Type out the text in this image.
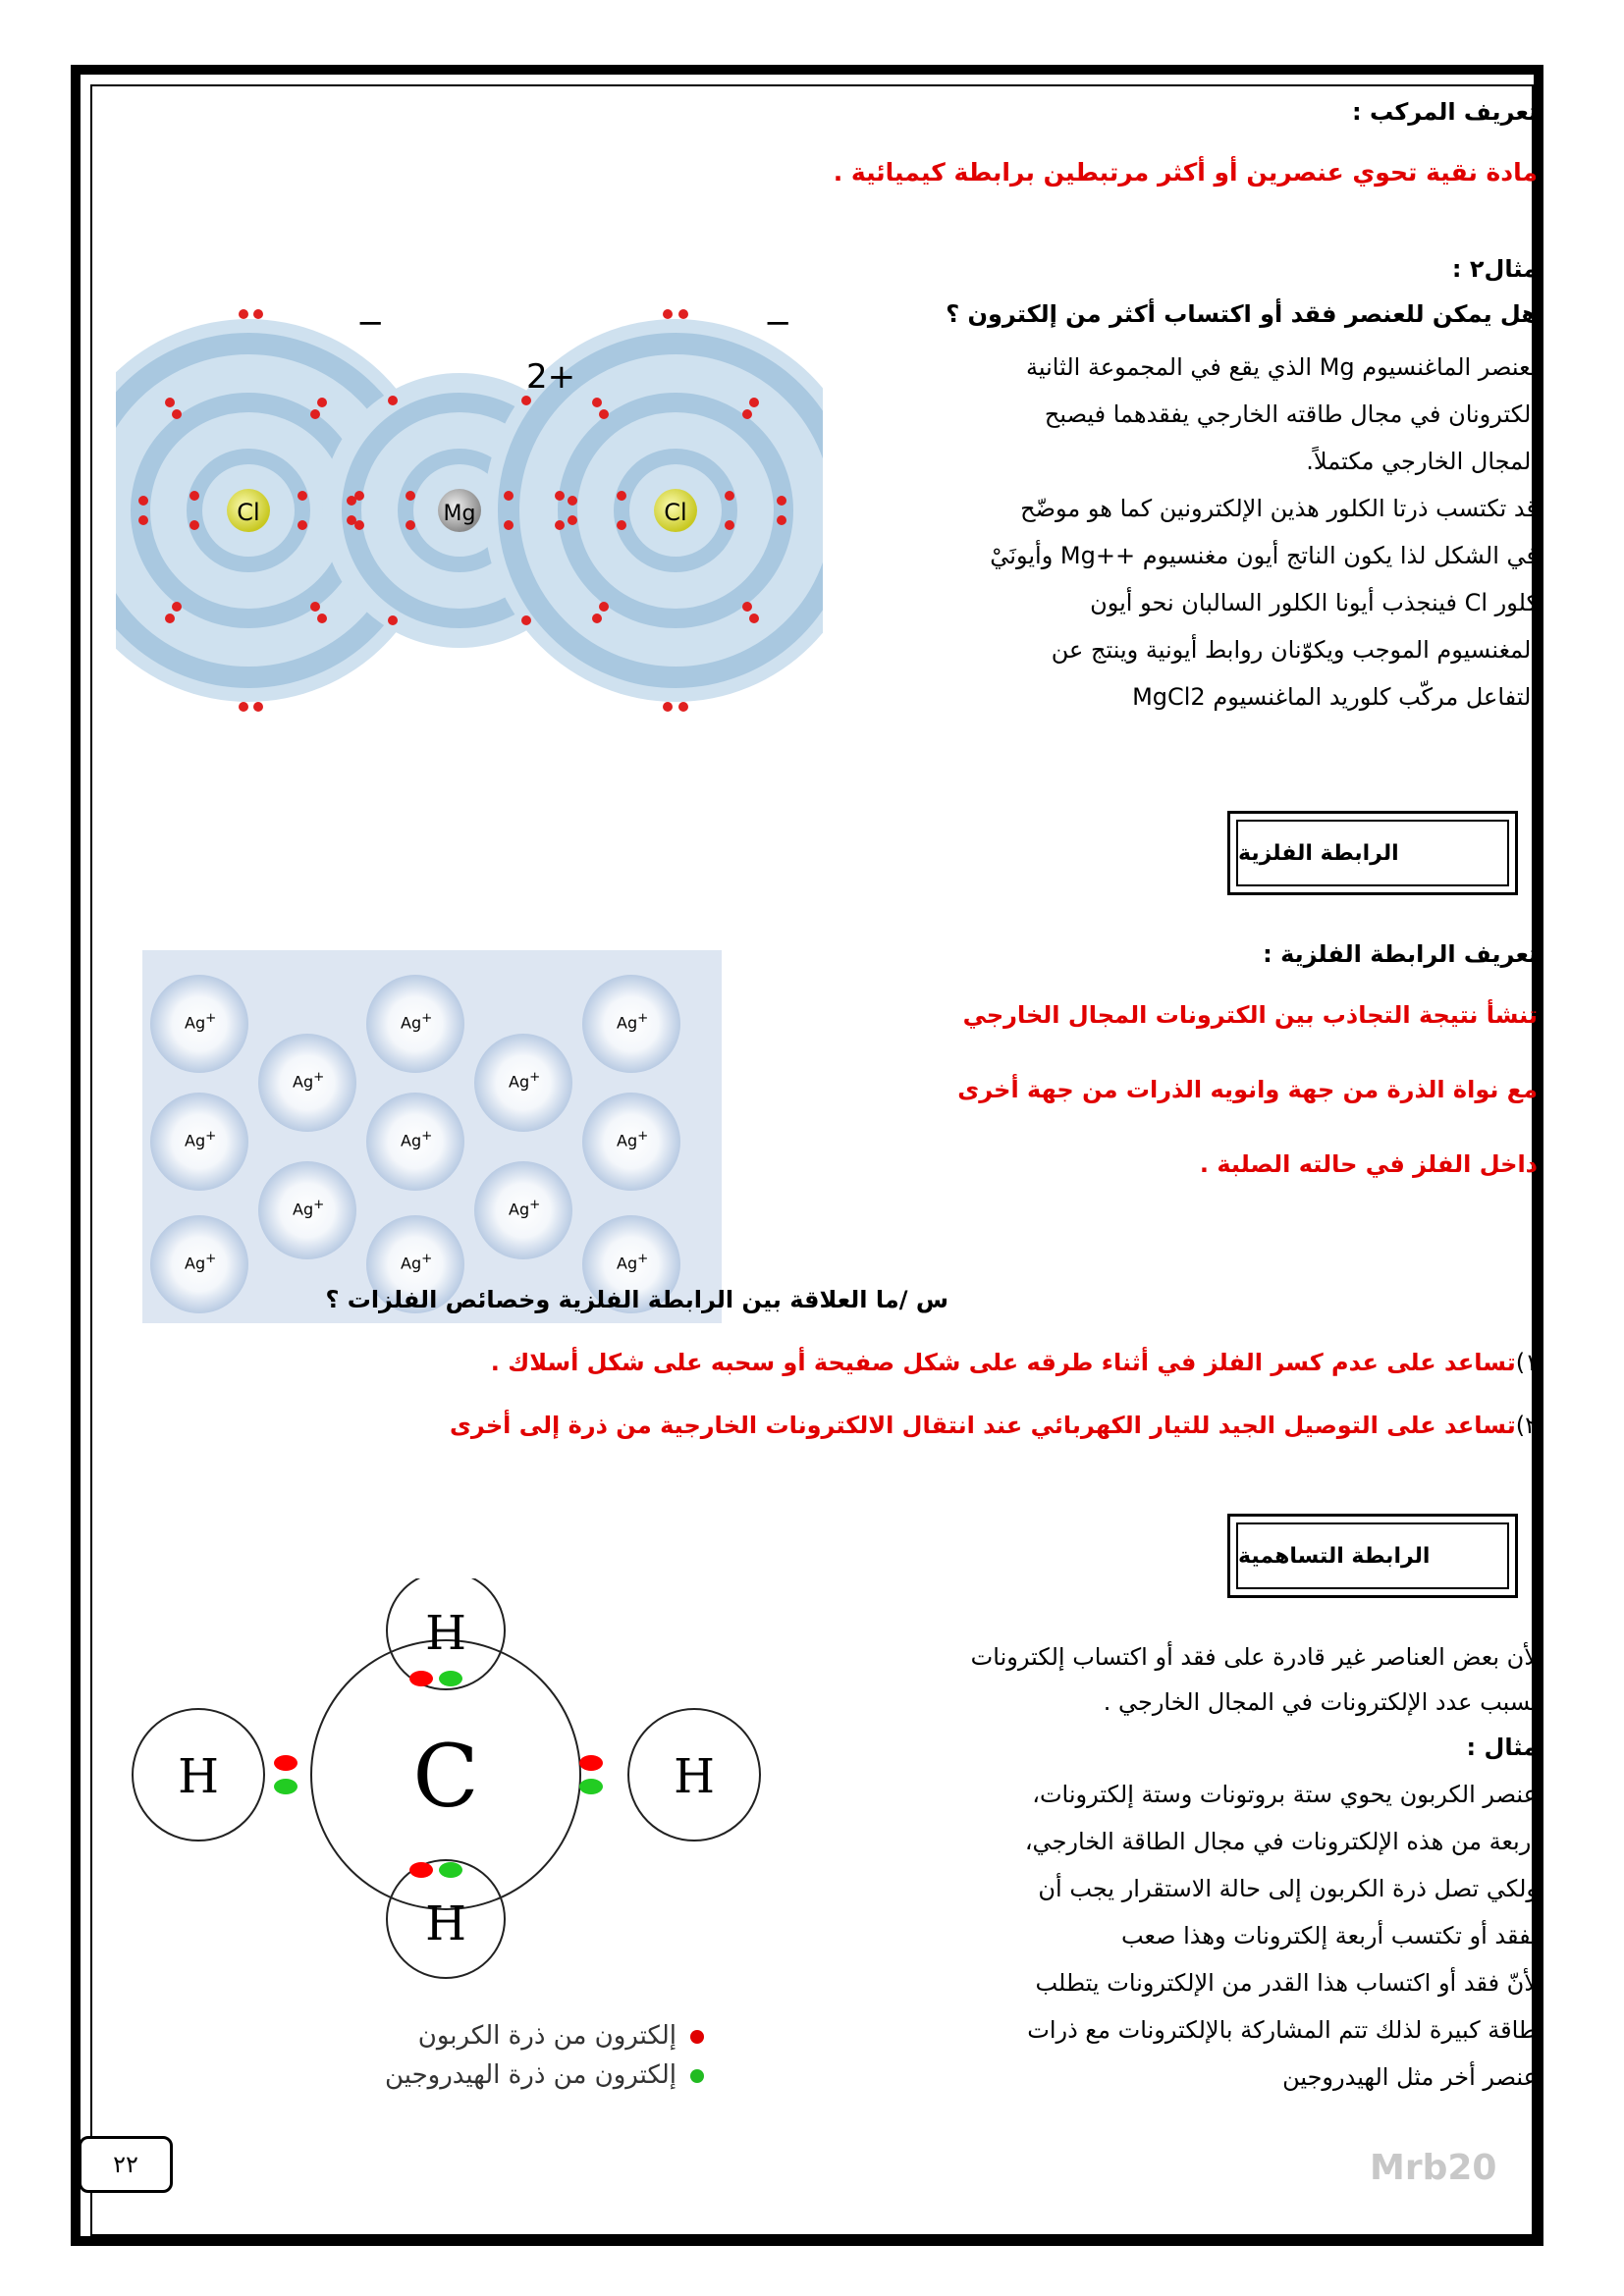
تعريف المركب :
مادة نقية تحوي عنصرين أو أكثر مرتبطين برابطة كيميائية .
مثال٢ :
هل يمكن للعنصر فقد أو اكتساب أكثر من إلكترون ؟
لعنصر الماغنسيوم Mg الذي يقع في المجموعة الثانية
إلكترونان في مجال طاقته الخارجي يفقدهما فيصبح
المجال الخارجي مكتملاً.
قد تكتسب ذرتا الكلور هذين الإلكترونين كما هو موضّح
في الشكل لذا يكون الناتج أيون مغنسيوم ++Mg وأيونَيْ
كلور Cl فينجذب أيونا الكلور السالبان نحو أيون
المغنسيوم الموجب ويكوّنان روابط أيونية وينتج عن
التفاعل مركّب كلوريد الماغنسيوم MgCl2
Cl	Mg	Cl
−
2+
−
الرابطة الفلزية
تعريف الرابطة الفلزية :
تنشأ نتيجة التجاذب بين الكترونات المجال الخارجي
مع نواة الذرة من جهة وانويه الذرات من جهة أخرى
داخل الفلز في حالته الصلبة .
Ag+	Ag+	Ag+
Ag+	Ag+
Ag+	Ag+	Ag+
Ag+	Ag+
Ag+	Ag+	Ag+
س /ما العلاقة بين الرابطة الفلزية وخصائص الفلزات ؟
١)تساعد على عدم كسر الفلز في أثناء طرقه على شكل صفيحة أو سحبه على شكل أسلاك .
٢)تساعد على التوصيل الجيد للتيار الكهربائي عند انتقال الالكترونات الخارجية من ذرة إلى أخرى
الرابطة التساهمية
لأن بعض العناصر غير قادرة على فقد أو اكتساب إلكترونات
بسبب عدد الإلكترونات في المجال الخارجي .
مثال :
عنصر الكربون يحوي ستة بروتونات وستة إلكترونات،
أربعة من هذه الإلكترونات في مجال الطاقة الخارجي،
ولكي تصل ذرة الكربون إلى حالة الاستقرار يجب أن
تفقد أو تكتسب أربعة إلكترونات وهذا صعب
لأنّ فقد أو اكتساب هذا القدر من الإلكترونات يتطلب
طاقة كبيرة لذلك تتم المشاركة بالإلكترونات مع ذرات
عنصر أخر مثل الهيدروجين
C
H
H
H	H
إلكترون من ذرة الكربون
إلكترون من ذرة الهيدروجين
٢٢	Mrb20
